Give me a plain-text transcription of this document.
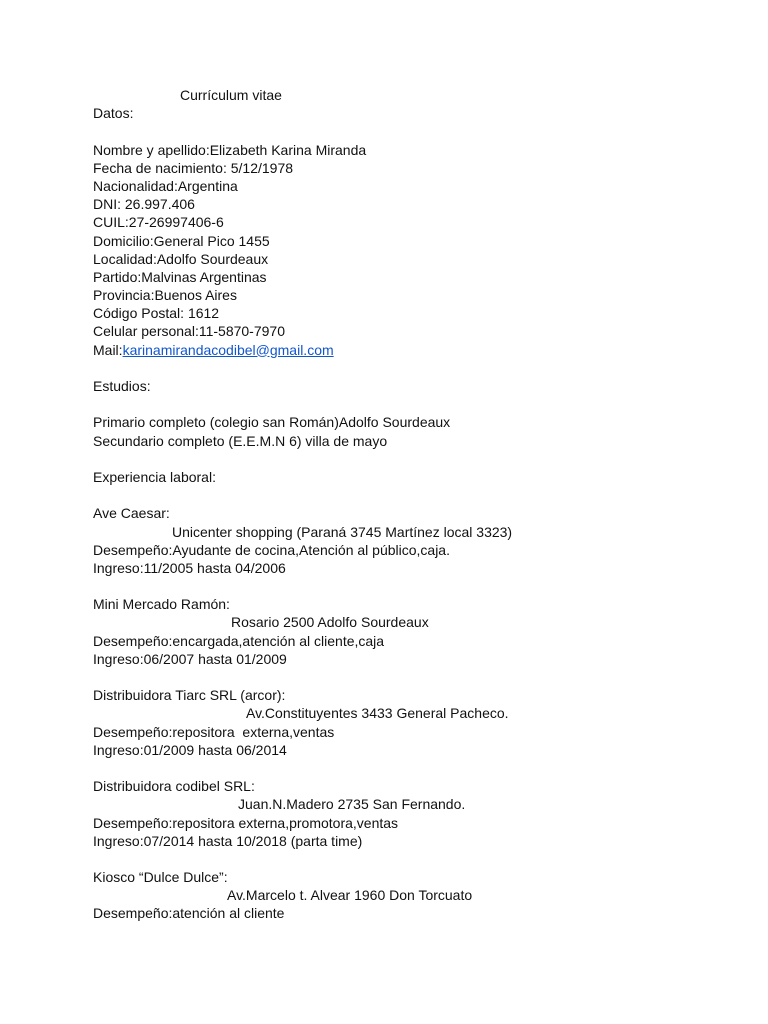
Currículum vitae
Datos:
Nombre y apellido:Elizabeth Karina Miranda
Fecha de nacimiento: 5/12/1978
Nacionalidad:Argentina
DNI: 26.997.406
CUIL:27-26997406-6
Domicilio:General Pico 1455
Localidad:Adolfo Sourdeaux
Partido:Malvinas Argentinas
Provincia:Buenos Aires
Código Postal: 1612
Celular personal:11-5870-7970
Mail:karinamirandacodibel@gmail.com
Estudios:
Primario completo (colegio san Román)Adolfo Sourdeaux
Secundario completo (E.E.M.N 6) villa de mayo
Experiencia laboral:
Ave Caesar:
Unicenter shopping (Paraná 3745 Martínez local 3323)
Desempeño:Ayudante de cocina,Atención al público,caja.
Ingreso:11/2005 hasta 04/2006
Mini Mercado Ramón:
Rosario 2500 Adolfo Sourdeaux
Desempeño:encargada,atención al cliente,caja
Ingreso:06/2007 hasta 01/2009
Distribuidora Tiarc SRL (arcor):
Av.Constituyentes 3433 General Pacheco.
Desempeño:repositora  externa,ventas
Ingreso:01/2009 hasta 06/2014
Distribuidora codibel SRL:
Juan.N.Madero 2735 San Fernando.
Desempeño:repositora externa,promotora,ventas
Ingreso:07/2014 hasta 10/2018 (parta time)
Kiosco “Dulce Dulce”:
Av.Marcelo t. Alvear 1960 Don Torcuato
Desempeño:atención al cliente
